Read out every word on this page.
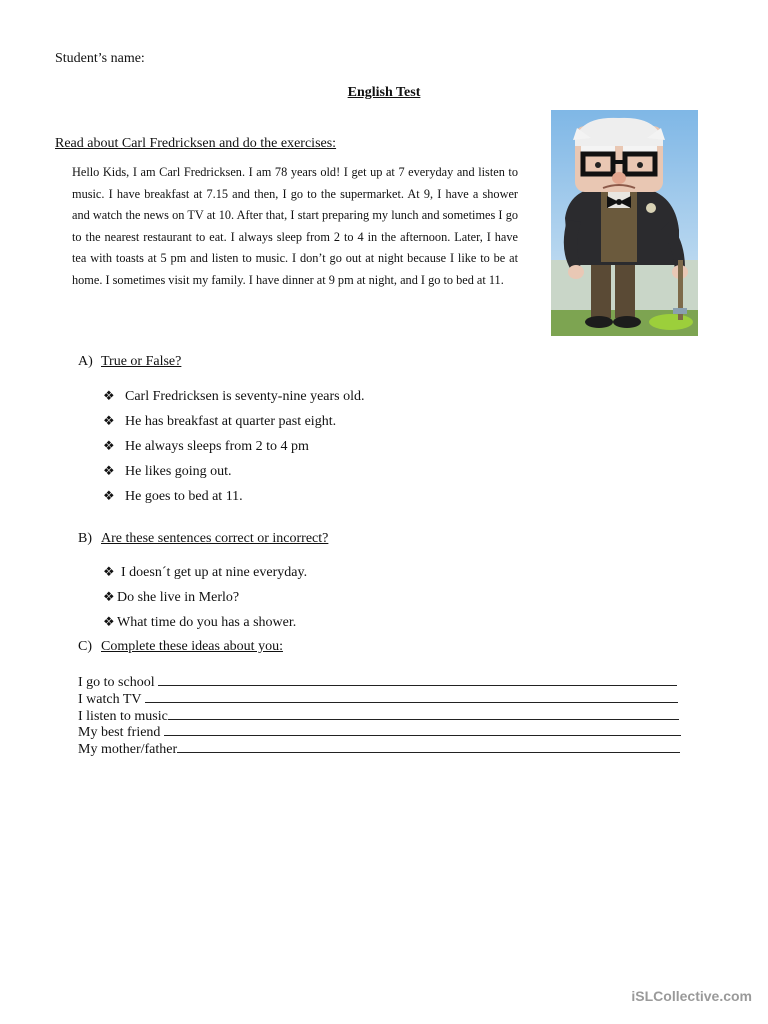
Student’s name:
English Test
Read about Carl Fredricksen and do the exercises:
Hello Kids, I am Carl Fredricksen. I am 78 years old! I get up at 7 everyday and listen to music. I have breakfast at 7.15 and then, I go to the supermarket. At 9, I have a shower and watch the news on TV at 10. After that, I start preparing my lunch and sometimes I go to the nearest restaurant to eat. I always sleep from 2 to 4 in the afternoon. Later, I have tea with toasts at 5 pm and listen to music. I don’t go out at night because I like to be at home. I sometimes visit my family. I have dinner at 9 pm at night, and I go to bed at 11.
A) True or False?
❖ Carl Fredricksen is seventy-nine years old.
❖ He has breakfast at quarter past eight.
❖ He always sleeps from 2 to 4 pm
❖ He likes going out.
❖ He goes to bed at 11.
B) Are these sentences correct or incorrect?
❖ I doesn´t get up at nine everyday.
❖ Do she live in Merlo?
❖ What time do you has a shower.
C) Complete these ideas about you:
I go to school
I watch TV
I listen to music
My best friend
My mother/father
iSLCollective.com
